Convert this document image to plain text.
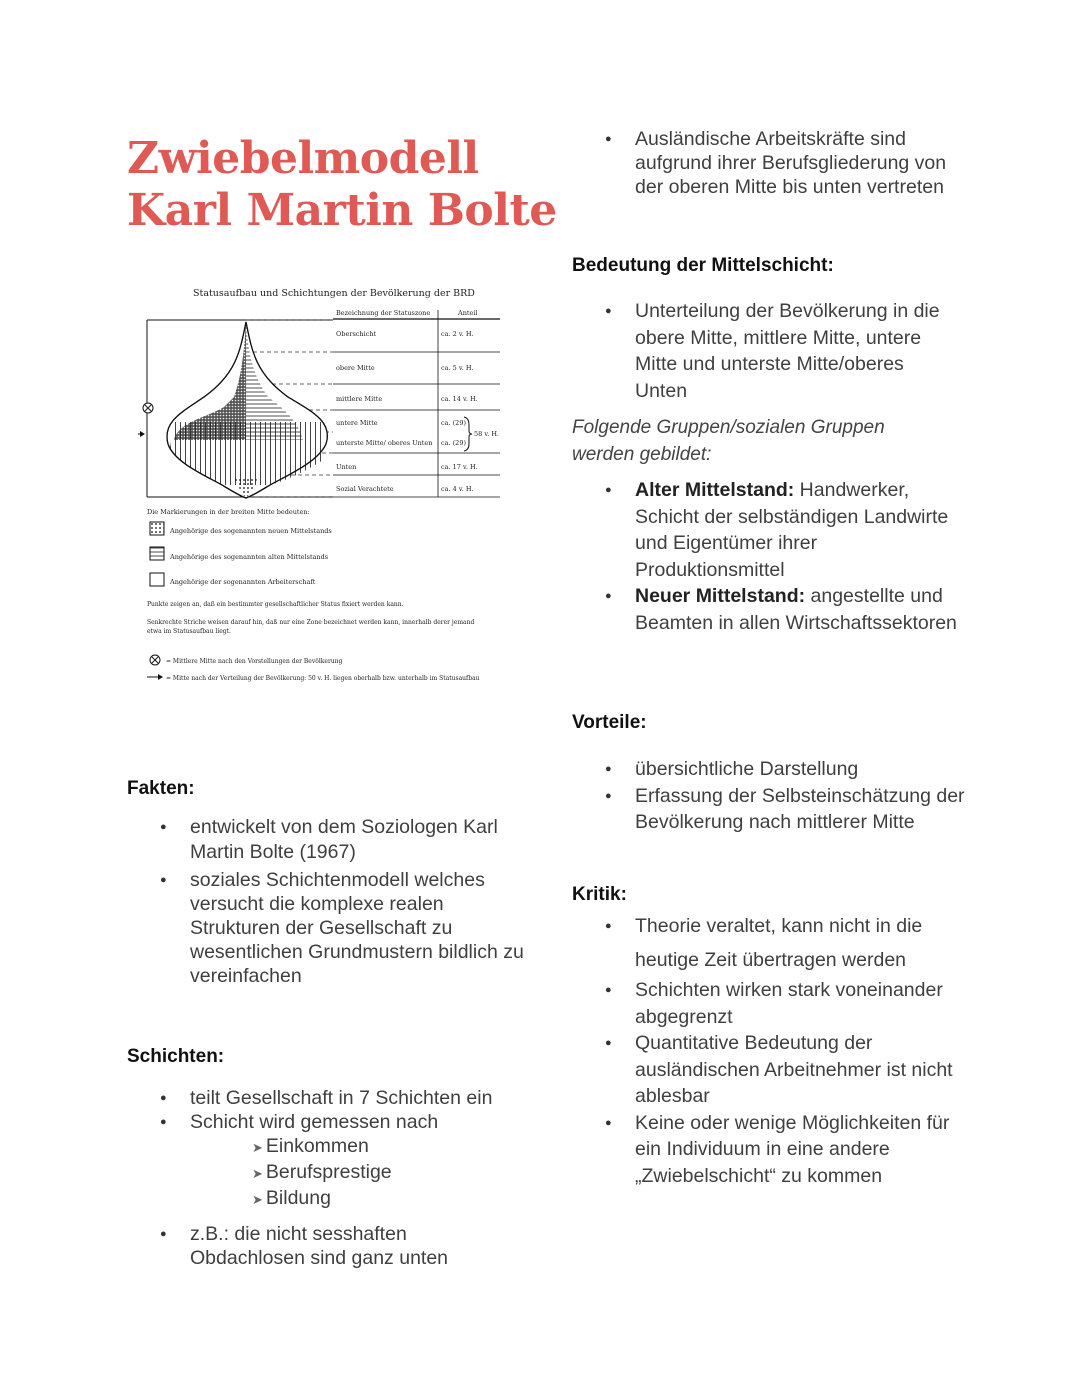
Zwiebelmodell
Karl Martin Bolte
Statusaufbau und Schichtungen der Bevölkerung der BRD
Bezeichnung der Statuszone	Anteil
Oberschicht
obere Mitte
mittlere Mitte
untere Mitte
unterste Mitte/ oberes Unten
Unten
Sozial Verachtete
ca. 2 v. H.
ca. 5 v. H.
ca. 14 v. H.
ca. (29)
ca. (29)
ca. 17 v. H.
ca. 4 v. H.
58 v. H.
Die Markierungen in der breiten Mitte bedeuten:
Angehörige des sogenannten neuen Mittelstands
Angehörige des sogenannten alten Mittelstands
Angehörige der sogenannten Arbeiterschaft
Punkte zeigen an, daß ein bestimmter gesellschaftlicher Status fixiert werden kann.
Senkrechte Striche weisen darauf hin, daß nur eine Zone bezeichnet werden kann, innerhalb derer jemand
etwa im Statusaufbau liegt.
= Mittlere Mitte nach den Vorstellungen der Bevölkerung
= Mitte nach der Verteilung der Bevölkerung: 50 v. H. liegen oberhalb bzw. unterhalb im Statusaufbau
Fakten:
● entwickelt von dem Soziologen Karl Martin Bolte (1967)
● soziales Schichtenmodell welches versucht die komplexe realen Strukturen der Gesellschaft zu wesentlichen Grundmustern bildlich zu vereinfachen
Schichten:
● teilt Gesellschaft in 7 Schichten ein
● Schicht wird gemessen nach
➤ Einkommen
➤ Berufsprestige
➤ Bildung
● z.B.: die nicht sesshaften Obdachlosen sind ganz unten
● Ausländische Arbeitskräfte sind aufgrund ihrer Berufsgliederung von der oberen Mitte bis unten vertreten
Bedeutung der Mittelschicht:
● Unterteilung der Bevölkerung in die obere Mitte, mittlere Mitte, untere Mitte und unterste Mitte/oberes Unten
Folgende Gruppen/sozialen Gruppen werden gebildet:
● Alter Mittelstand: Handwerker, Schicht der selbständigen Landwirte und Eigentümer ihrer Produktionsmittel
● Neuer Mittelstand: angestellte und Beamten in allen Wirtschaftssektoren
Vorteile:
● übersichtliche Darstellung
● Erfassung der Selbsteinschätzung der Bevölkerung nach mittlerer Mitte
Kritik:
● Theorie veraltet, kann nicht in die
heutige Zeit übertragen werden
● Schichten wirken stark voneinander abgegrenzt
● Quantitative Bedeutung der ausländischen Arbeitnehmer ist nicht ablesbar
● Keine oder wenige Möglichkeiten für ein Individuum in eine andere „Zwiebelschicht“ zu kommen
